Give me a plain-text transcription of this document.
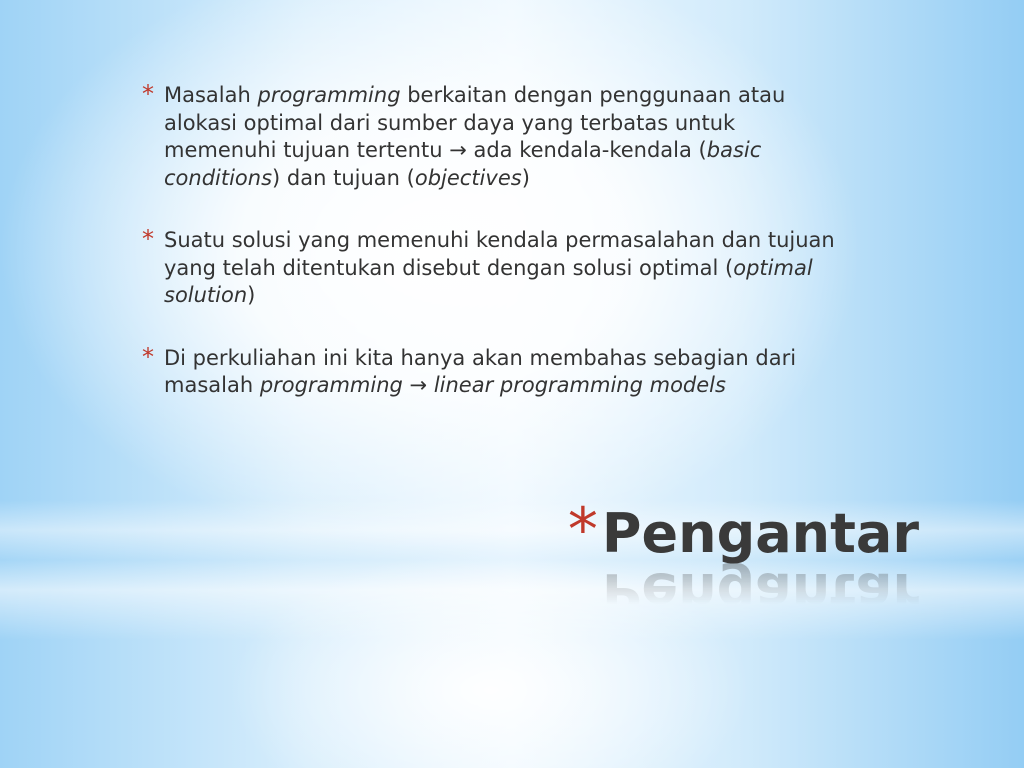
* Masalah programming berkaitan dengan penggunaan atau alokasi optimal dari sumber daya yang terbatas untuk memenuhi tujuan tertentu → ada kendala-kendala (basic conditions) dan tujuan (objectives)
* Suatu solusi yang memenuhi kendala permasalahan dan tujuan yang telah ditentukan disebut dengan solusi optimal (optimal solution)
* Di perkuliahan ini kita hanya akan membahas sebagian dari masalah programming → linear programming models
*Pengantar
